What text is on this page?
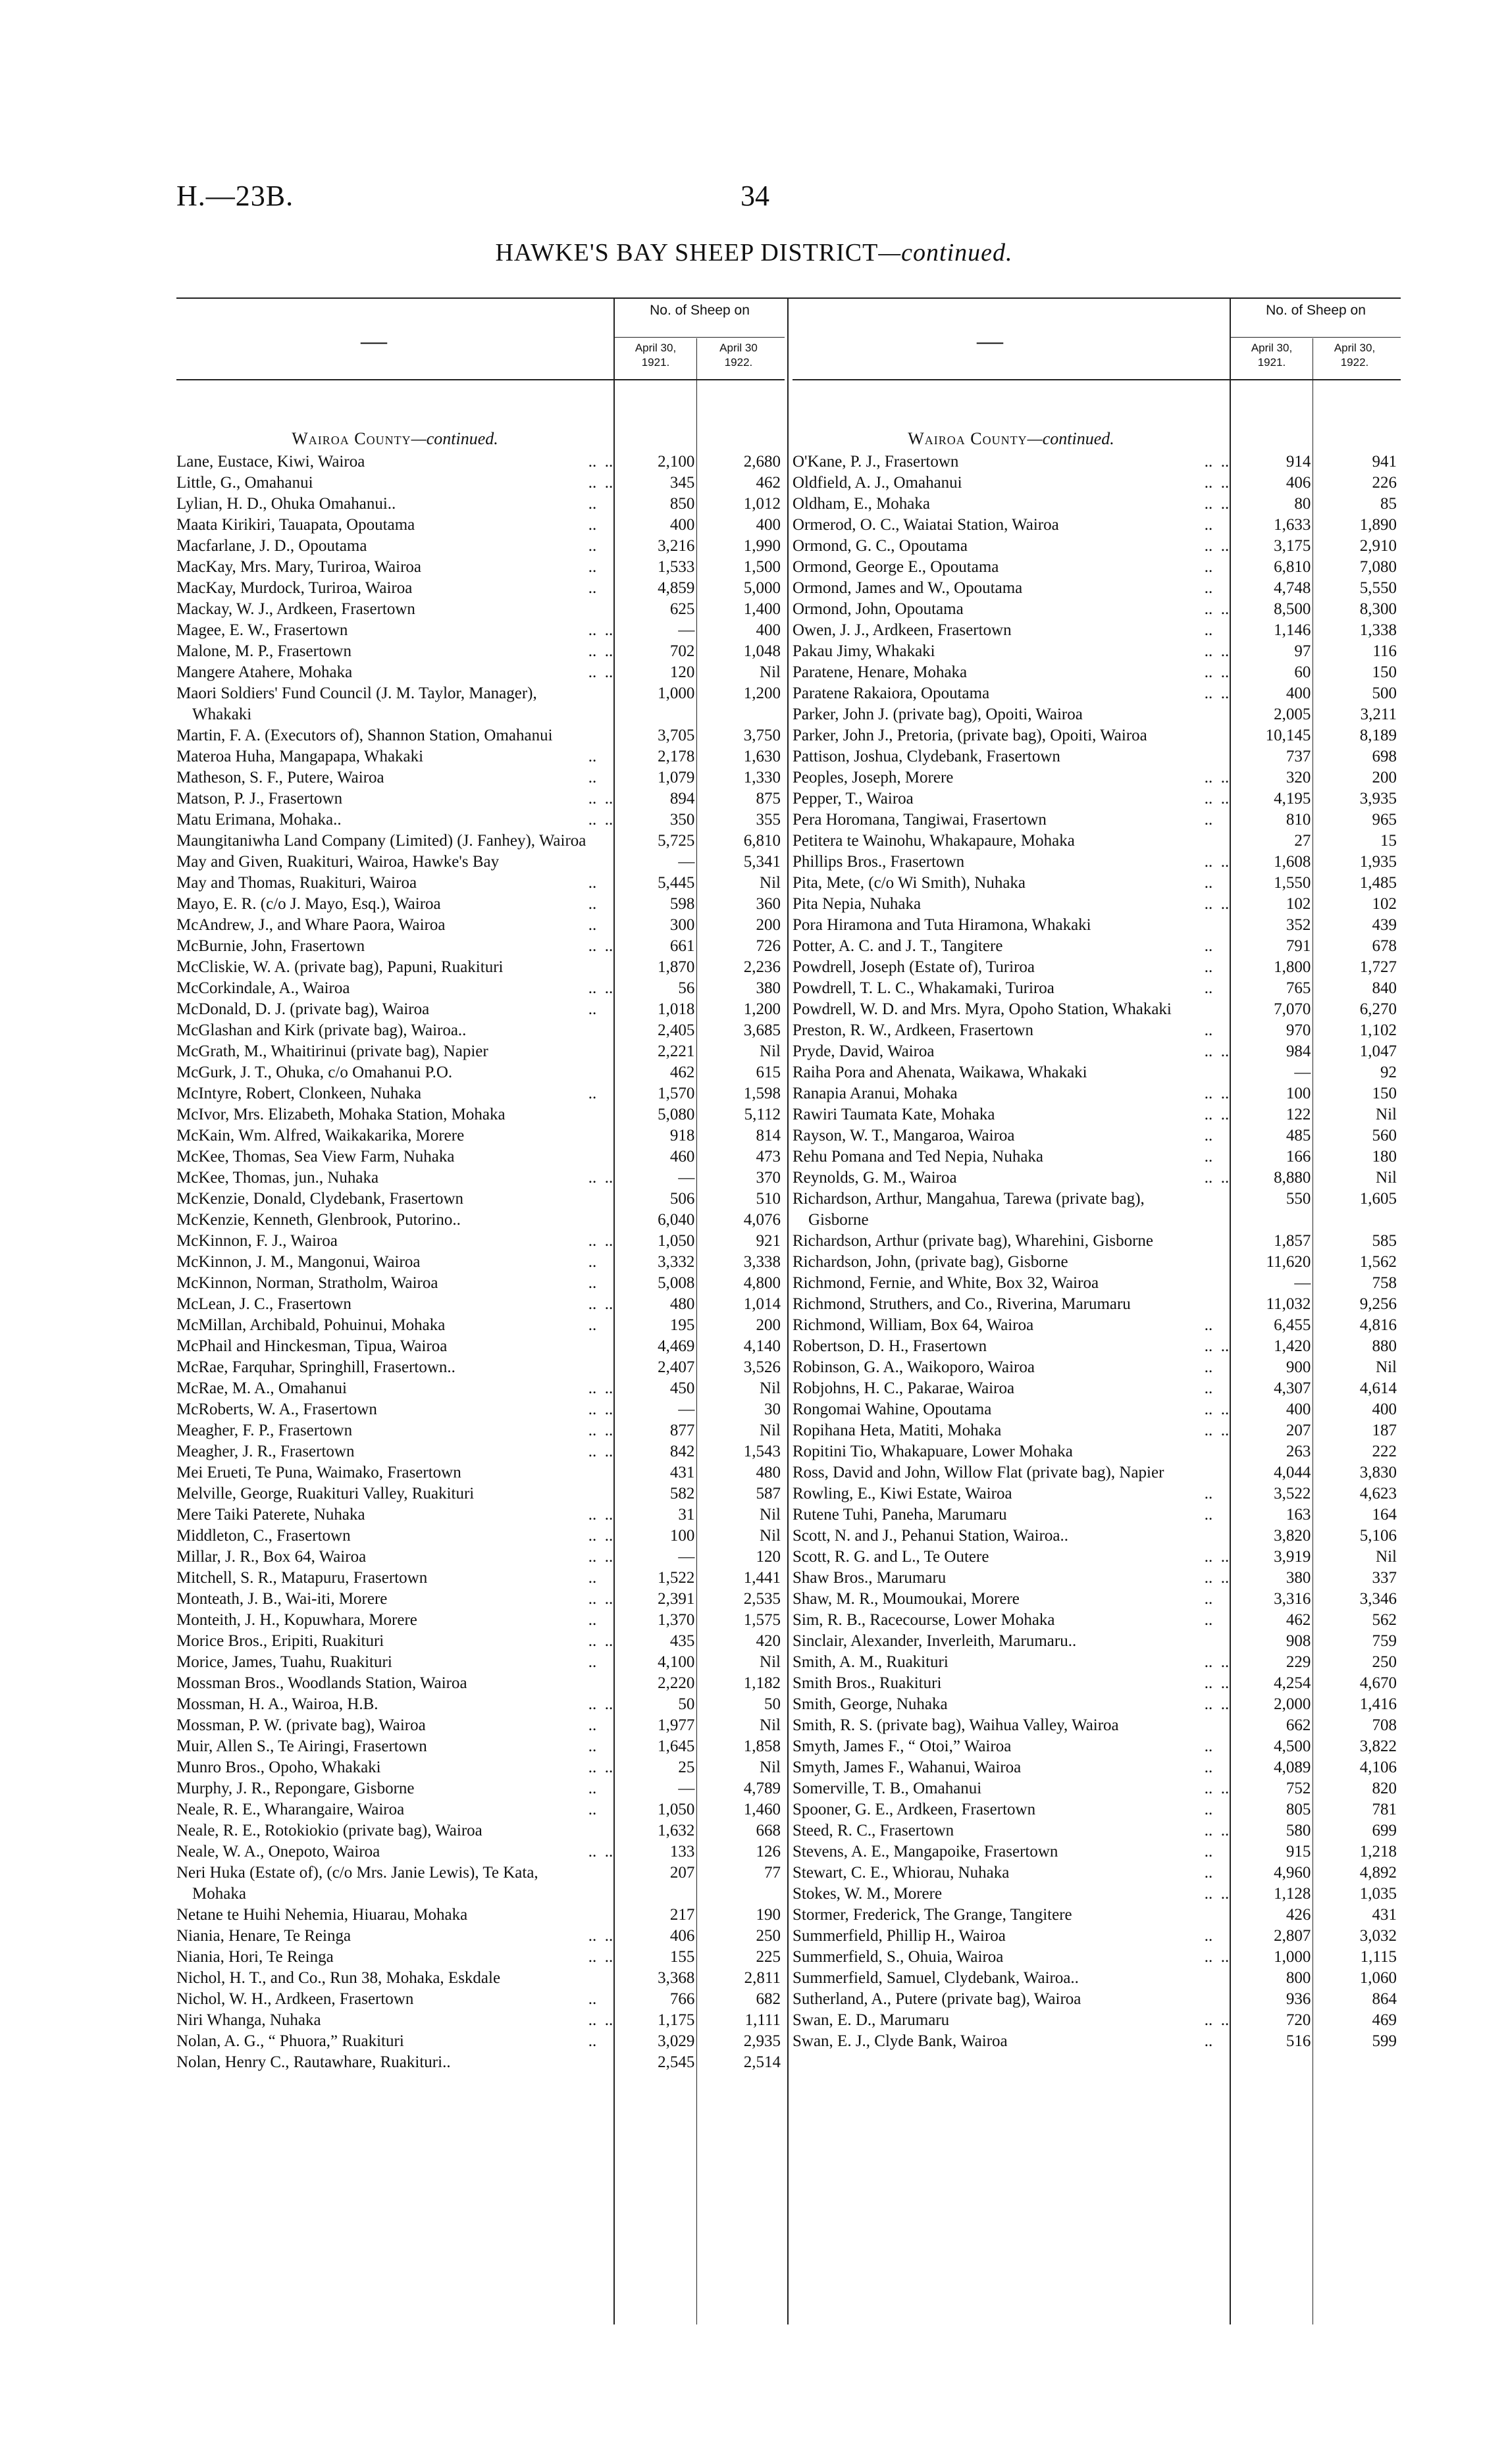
H.—23B.	34
HAWKE'S BAY SHEEP DISTRICT—continued.
—
No. of Sheep on
April 30,
1921.
April 30
1922.
Wairoa County—continued.
Lane, Eustace, Kiwi, Wairoa	..  ..	2,100	2,680
Little, G., Omahanui	..  ..	345	462
Lylian, H. D., Ohuka Omahanui..	..	850	1,012
Maata Kirikiri, Tauapata, Opoutama	..	400	400
Macfarlane, J. D., Opoutama	..	3,216	1,990
MacKay, Mrs. Mary, Turiroa, Wairoa	..	1,533	1,500
MacKay, Murdock, Turiroa, Wairoa	..	4,859	5,000
Mackay, W. J., Ardkeen, Frasertown	625	1,400
Magee, E. W., Frasertown	..  ..	—	400
Malone, M. P., Frasertown	..  ..	702	1,048
Mangere Atahere, Mohaka	..  ..	120	Nil
Maori Soldiers' Fund Council (J. M. Taylor, Manager), Whakaki
1,000	1,200
Martin, F. A. (Executors of), Shannon Station, Omahanui	3,705	3,750
Materoa Huha, Mangapapa, Whakaki	..	2,178	1,630
Matheson, S. F., Putere, Wairoa	..	1,079	1,330
Matson, P. J., Frasertown	..  ..	894	875
Matu Erimana, Mohaka..	..  ..	350	355
Maungitaniwha Land Company (Limited) (J. Fanhey), Wairoa	5,725	6,810
May and Given, Ruakituri, Wairoa, Hawke's Bay	—	5,341
May and Thomas, Ruakituri, Wairoa	..	5,445	Nil
Mayo, E. R. (c/o J. Mayo, Esq.), Wairoa	..	598	360
McAndrew, J., and Whare Paora, Wairoa	..	300	200
McBurnie, John, Frasertown	..  ..	661	726
McCliskie, W. A. (private bag), Papuni, Ruakituri	1,870	2,236
McCorkindale, A., Wairoa	..  ..	56	380
McDonald, D. J. (private bag), Wairoa	..	1,018	1,200
McGlashan and Kirk (private bag), Wairoa..	2,405	3,685
McGrath, M., Whaitirinui (private bag), Napier	2,221	Nil
McGurk, J. T., Ohuka, c/o Omahanui P.O.	462	615
McIntyre, Robert, Clonkeen, Nuhaka	..	1,570	1,598
McIvor, Mrs. Elizabeth, Mohaka Station, Mohaka	5,080	5,112
McKain, Wm. Alfred, Waikakarika, Morere	918	814
McKee, Thomas, Sea View Farm, Nuhaka	460	473
McKee, Thomas, jun., Nuhaka	..  ..	—	370
McKenzie, Donald, Clydebank, Frasertown	506	510
McKenzie, Kenneth, Glenbrook, Putorino..	6,040	4,076
McKinnon, F. J., Wairoa	..  ..	1,050	921
McKinnon, J. M., Mangonui, Wairoa	..	3,332	3,338
McKinnon, Norman, Stratholm, Wairoa	..	5,008	4,800
McLean, J. C., Frasertown	..  ..	480	1,014
McMillan, Archibald, Pohuinui, Mohaka	..	195	200
McPhail and Hinckesman, Tipua, Wairoa	4,469	4,140
McRae, Farquhar, Springhill, Frasertown..	2,407	3,526
McRae, M. A., Omahanui	..  ..	450	Nil
McRoberts, W. A., Frasertown	..  ..	—	30
Meagher, F. P., Frasertown	..  ..	877	Nil
Meagher, J. R., Frasertown	..  ..	842	1,543
Mei Erueti, Te Puna, Waimako, Frasertown	431	480
Melville, George, Ruakituri Valley, Ruakituri	582	587
Mere Taiki Paterete, Nuhaka	..  ..	31	Nil
Middleton, C., Frasertown	..  ..	100	Nil
Millar, J. R., Box 64, Wairoa	..  ..	—	120
Mitchell, S. R., Matapuru, Frasertown	..	1,522	1,441
Monteath, J. B., Wai-iti, Morere	..  ..	2,391	2,535
Monteith, J. H., Kopuwhara, Morere	..	1,370	1,575
Morice Bros., Eripiti, Ruakituri	..  ..	435	420
Morice, James, Tuahu, Ruakituri	..	4,100	Nil
Mossman Bros., Woodlands Station, Wairoa	2,220	1,182
Mossman, H. A., Wairoa, H.B.	..  ..	50	50
Mossman, P. W. (private bag), Wairoa	..	1,977	Nil
Muir, Allen S., Te Airingi, Frasertown	..	1,645	1,858
Munro Bros., Opoho, Whakaki	..  ..	25	Nil
Murphy, J. R., Repongare, Gisborne	..	—	4,789
Neale, R. E., Wharangaire, Wairoa	..	1,050	1,460
Neale, R. E., Rotokiokio (private bag), Wairoa	1,632	668
Neale, W. A., Onepoto, Wairoa	..  ..	133	126
Neri Huka (Estate of), (c/o Mrs. Janie Lewis), Te Kata, Mohaka
207	77
Netane te Huihi Nehemia, Hiuarau, Mohaka	217	190
Niania, Henare, Te Reinga	..  ..	406	250
Niania, Hori, Te Reinga	..  ..	155	225
Nichol, H. T., and Co., Run 38, Mohaka, Eskdale	3,368	2,811
Nichol, W. H., Ardkeen, Frasertown	..	766	682
Niri Whanga, Nuhaka	..  ..	1,175	1,111
Nolan, A. G., “ Phuora,” Ruakituri	..	3,029	2,935
Nolan, Henry C., Rautawhare, Ruakituri..	2,545	2,514
—
No. of Sheep on
April 30,
1921.
April 30,
1922.
Wairoa County—continued.
O'Kane, P. J., Frasertown	..  ..	914	941
Oldfield, A. J., Omahanui	..  ..	406	226
Oldham, E., Mohaka	..  ..	80	85
Ormerod, O. C., Waiatai Station, Wairoa	..	1,633	1,890
Ormond, G. C., Opoutama	..  ..	3,175	2,910
Ormond, George E., Opoutama	..	6,810	7,080
Ormond, James and W., Opoutama	..	4,748	5,550
Ormond, John, Opoutama	..  ..	8,500	8,300
Owen, J. J., Ardkeen, Frasertown	..	1,146	1,338
Pakau Jimy, Whakaki	..  ..	97	116
Paratene, Henare, Mohaka	..  ..	60	150
Paratene Rakaiora, Opoutama	..  ..	400	500
Parker, John J. (private bag), Opoiti, Wairoa	2,005	3,211
Parker, John J., Pretoria, (private bag), Opoiti, Wairoa	10,145	8,189
Pattison, Joshua, Clydebank, Frasertown	737	698
Peoples, Joseph, Morere	..  ..	320	200
Pepper, T., Wairoa	..  ..	4,195	3,935
Pera Horomana, Tangiwai, Frasertown	..	810	965
Petitera te Wainohu, Whakapaure, Mohaka	27	15
Phillips Bros., Frasertown	..  ..	1,608	1,935
Pita, Mete, (c/o Wi Smith), Nuhaka	..	1,550	1,485
Pita Nepia, Nuhaka	..  ..	102	102
Pora Hiramona and Tuta Hiramona, Whakaki	352	439
Potter, A. C. and J. T., Tangitere	..	791	678
Powdrell, Joseph (Estate of), Turiroa	..	1,800	1,727
Powdrell, T. L. C., Whakamaki, Turiroa	..	765	840
Powdrell, W. D. and Mrs. Myra, Opoho Station, Whakaki	7,070	6,270
Preston, R. W., Ardkeen, Frasertown	..	970	1,102
Pryde, David, Wairoa	..  ..	984	1,047
Raiha Pora and Ahenata, Waikawa, Whakaki	—	92
Ranapia Aranui, Mohaka	..  ..	100	150
Rawiri Taumata Kate, Mohaka	..  ..	122	Nil
Rayson, W. T., Mangaroa, Wairoa	..	485	560
Rehu Pomana and Ted Nepia, Nuhaka	..	166	180
Reynolds, G. M., Wairoa	..  ..	8,880	Nil
Richardson, Arthur, Mangahua, Tarewa (private bag), Gisborne
550	1,605
Richardson, Arthur (private bag), Wharehini, Gisborne	1,857	585
Richardson, John, (private bag), Gisborne	11,620	1,562
Richmond, Fernie, and White, Box 32, Wairoa	—	758
Richmond, Struthers, and Co., Riverina, Marumaru	11,032	9,256
Richmond, William, Box 64, Wairoa	..	6,455	4,816
Robertson, D. H., Frasertown	..  ..	1,420	880
Robinson, G. A., Waikoporo, Wairoa	..	900	Nil
Robjohns, H. C., Pakarae, Wairoa	..	4,307	4,614
Rongomai Wahine, Opoutama	..  ..	400	400
Ropihana Heta, Matiti, Mohaka	..  ..	207	187
Ropitini Tio, Whakapuare, Lower Mohaka	263	222
Ross, David and John, Willow Flat (private bag), Napier	4,044	3,830
Rowling, E., Kiwi Estate, Wairoa	..	3,522	4,623
Rutene Tuhi, Paneha, Marumaru	..	163	164
Scott, N. and J., Pehanui Station, Wairoa..	3,820	5,106
Scott, R. G. and L., Te Outere	..  ..	3,919	Nil
Shaw Bros., Marumaru	..  ..	380	337
Shaw, M. R., Moumoukai, Morere	..	3,316	3,346
Sim, R. B., Racecourse, Lower Mohaka	..	462	562
Sinclair, Alexander, Inverleith, Marumaru..	908	759
Smith, A. M., Ruakituri	..  ..	229	250
Smith Bros., Ruakituri	..  ..	4,254	4,670
Smith, George, Nuhaka	..  ..	2,000	1,416
Smith, R. S. (private bag), Waihua Valley, Wairoa	662	708
Smyth, James F., “ Otoi,” Wairoa	..	4,500	3,822
Smyth, James F., Wahanui, Wairoa	..	4,089	4,106
Somerville, T. B., Omahanui	..  ..	752	820
Spooner, G. E., Ardkeen, Frasertown	..	805	781
Steed, R. C., Frasertown	..  ..	580	699
Stevens, A. E., Mangapoike, Frasertown	..	915	1,218
Stewart, C. E., Whiorau, Nuhaka	..	4,960	4,892
Stokes, W. M., Morere	..  ..	1,128	1,035
Stormer, Frederick, The Grange, Tangitere	426	431
Summerfield, Phillip H., Wairoa	..	2,807	3,032
Summerfield, S., Ohuia, Wairoa	..  ..	1,000	1,115
Summerfield, Samuel, Clydebank, Wairoa..	800	1,060
Sutherland, A., Putere (private bag), Wairoa	936	864
Swan, E. D., Marumaru	..  ..	720	469
Swan, E. J., Clyde Bank, Wairoa	..	516	599
